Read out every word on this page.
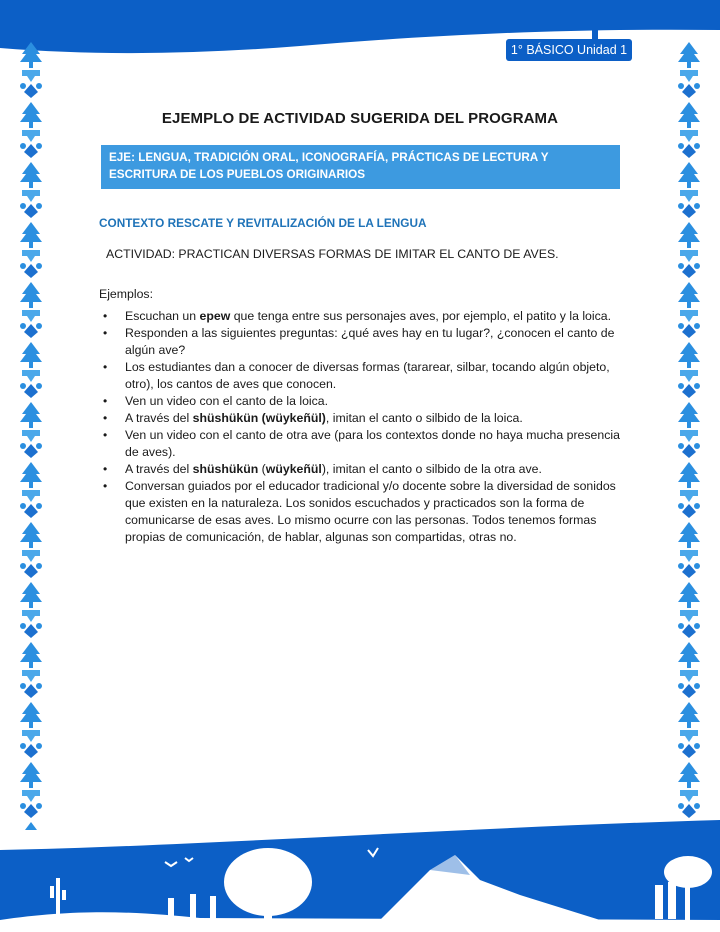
1° BÁSICO Unidad 1
EJEMPLO DE ACTIVIDAD SUGERIDA DEL PROGRAMA
EJE: LENGUA, TRADICIÓN ORAL, ICONOGRAFÍA, PRÁCTICAS DE LECTURA Y ESCRITURA DE LOS PUEBLOS ORIGINARIOS
CONTEXTO RESCATE Y REVITALIZACIÓN DE LA LENGUA
ACTIVIDAD: PRACTICAN DIVERSAS FORMAS DE IMITAR EL CANTO DE AVES.
Ejemplos:
• Escuchan un epew que tenga entre sus personajes aves, por ejemplo, el patito y la loica.
• Responden a las siguientes preguntas: ¿qué aves hay en tu lugar?, ¿conocen el canto de algún ave?
• Los estudiantes dan a conocer de diversas formas (tararear, silbar, tocando algún objeto, otro), los cantos de aves que conocen.
• Ven un video con el canto de la loica.
• A través del shüshükün (wüykeñül), imitan el canto o silbido de la loica.
• Ven un video con el canto de otra ave (para los contextos donde no haya mucha presencia de aves).
• A través del shüshükün (wüykeñül), imitan el canto o silbido de la otra ave.
• Conversan guiados por el educador tradicional y/o docente sobre la diversidad de sonidos que existen en la naturaleza. Los sonidos escuchados y practicados son la forma de comunicarse de esas aves. Lo mismo ocurre con las personas. Todos tenemos formas propias de comunicación, de hablar, algunas son compartidas, otras no.
